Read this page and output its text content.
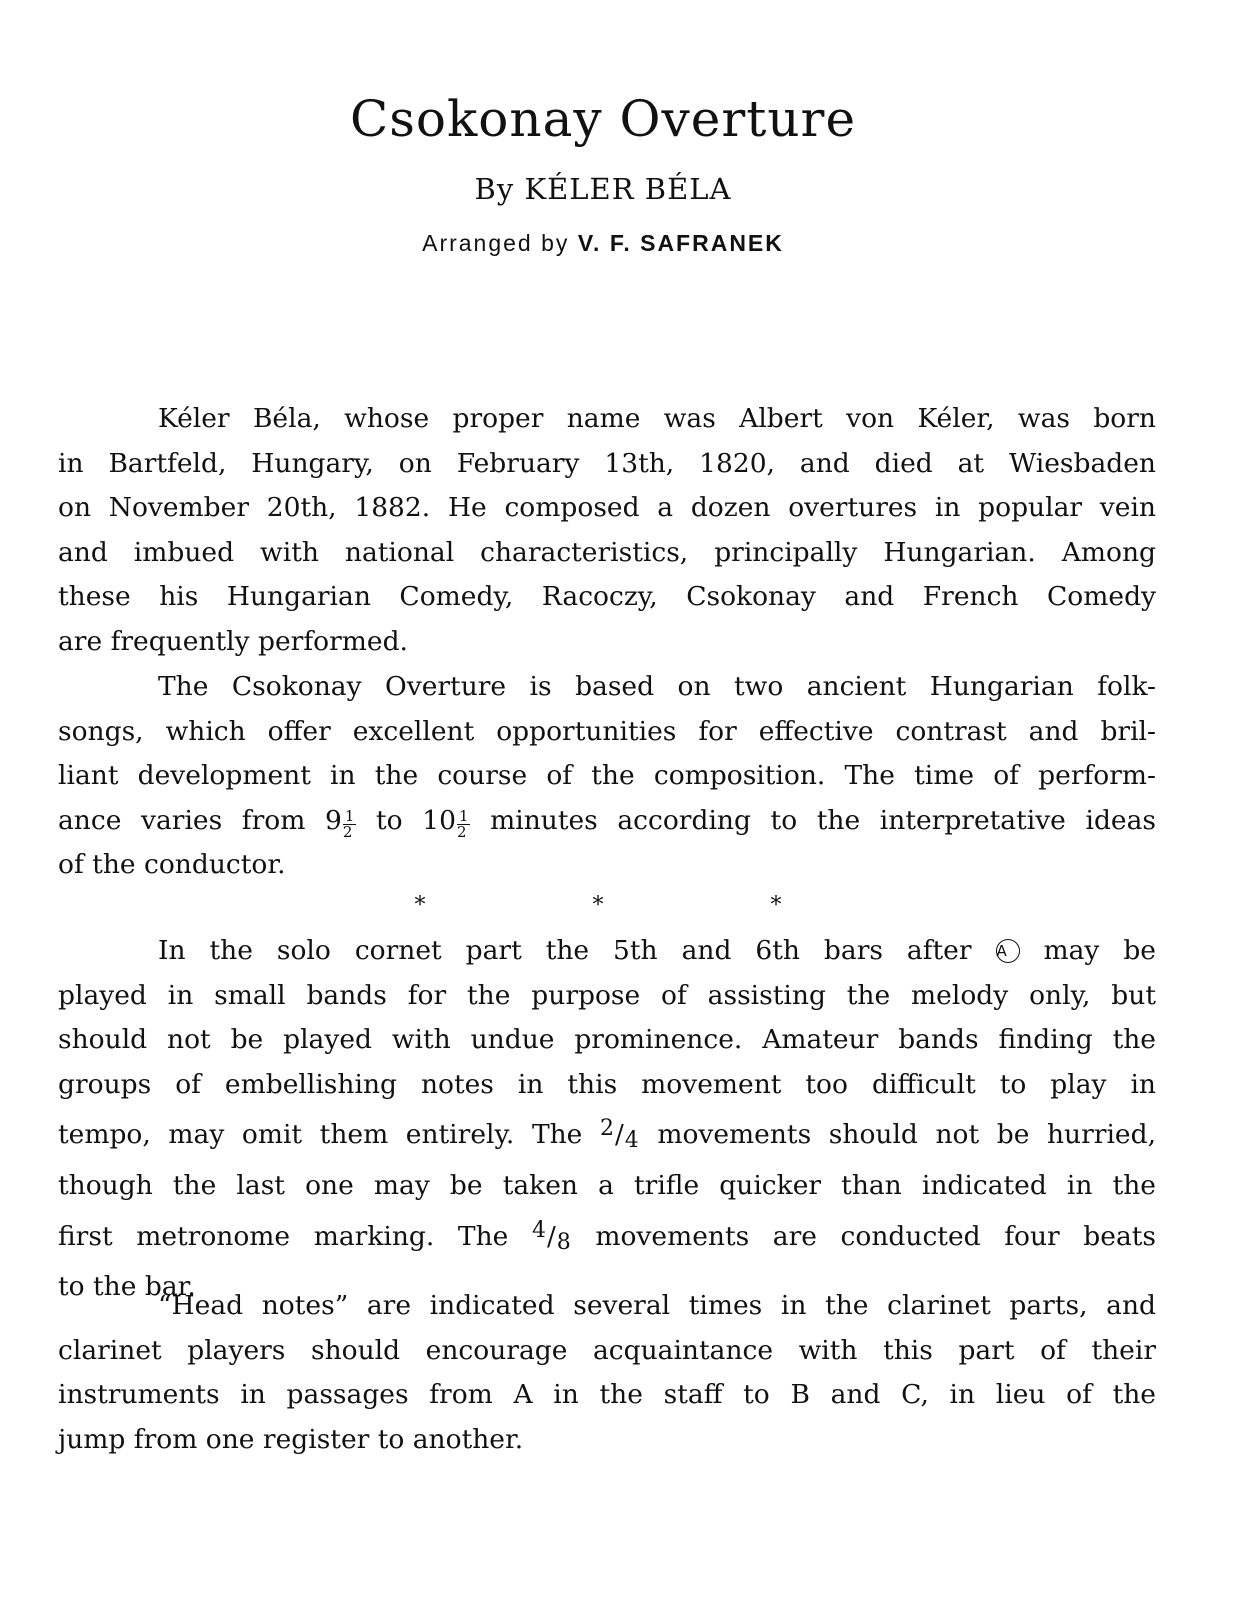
Csokonay Overture
By KÉLER BÉLA
Arranged by V. F. SAFRANEK
Kéler Béla, whose proper name was Albert von Kéler, was born
in Bartfeld, Hungary, on February 13th, 1820, and died at Wiesbaden
on November 20th, 1882. He composed a dozen overtures in popular vein
and imbued with national characteristics, principally Hungarian. Among
these his Hungarian Comedy, Racoczy, Csokonay and French Comedy
are frequently performed.
The Csokonay Overture is based on two ancient Hungarian folk-
songs, which offer excellent opportunities for effective contrast and bril-
liant development in the course of the composition. The time of perform-
ance varies from $9 \frac{1}{2}$ to $10 \frac{1}{2}$ minutes according to the interpretative ideas
of the conductor.
* * *
In the solo cornet part the 5th and 6th bars after A may be
played in small bands for the purpose of assisting the melody only, but
should not be played with undue prominence. Amateur bands finding the
groups of embellishing notes in this movement too difficult to play in
tempo, may omit them entirely. The $^2/_4$ movements should not be hurried,
though the last one may be taken a trifle quicker than indicated in the
first metronome marking. The $^4/_8$ movements are conducted four beats
to the bar.
“Head notes” are indicated several times in the clarinet parts, and
clarinet players should encourage acquaintance with this part of their
instruments in passages from A in the staff to B and C, in lieu of the
jump from one register to another.
